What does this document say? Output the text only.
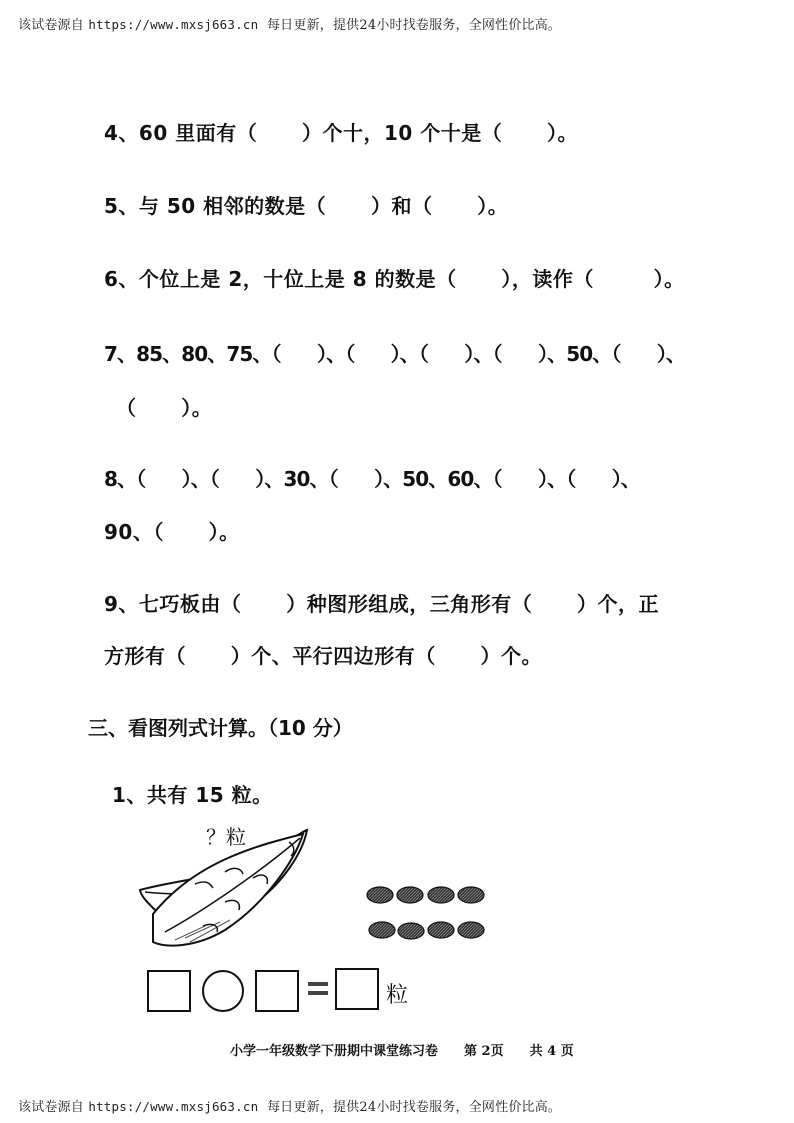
该试卷源自 https://www.mxsj663.cn  每日更新，提供24小时找卷服务，全网性价比高。
4、60 里面有（      ）个十，10 个十是（      ）。
5、与 50 相邻的数是（      ）和（      ）。
6、个位上是 2，十位上是 8 的数是（      ），读作（        ）。
7、85、80、75、（      ）、（      ）、（      ）、（      ）、50、（      ）、
（      ）。
8、（      ）、（      ）、30、（      ）、50、60、（      ）、（      ）、
90、（      ）。
9、七巧板由（      ）种图形组成，三角形有（      ）个，正
方形有（      ）个、平行四边形有（      ）个。
三、看图列式计算。（10 分）
1、共有 15 粒。
？粒
粒
小学一年级数学下册期中课堂练习卷 第 2页 共 4 页
该试卷源自 https://www.mxsj663.cn  每日更新，提供24小时找卷服务，全网性价比高。
